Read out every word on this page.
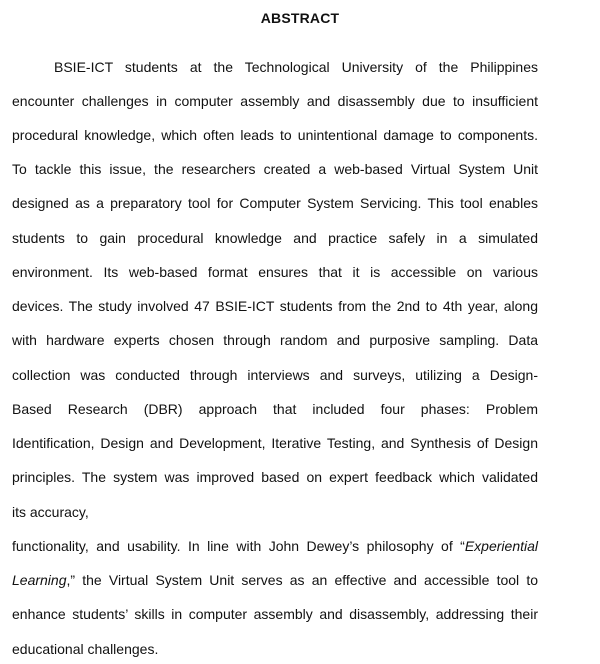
ABSTRACT
BSIE-ICT students at the Technological University of the Philippines
encounter challenges in computer assembly and disassembly due to insufficient
procedural knowledge, which often leads to unintentional damage to components.
To tackle this issue, the researchers created a web-based Virtual System Unit
designed as a preparatory tool for Computer System Servicing. This tool enables
students to gain procedural knowledge and practice safely in a simulated
environment. Its web-based format ensures that it is accessible on various
devices. The study involved 47 BSIE-ICT students from the 2nd to 4th year, along
with hardware experts chosen through random and purposive sampling. Data
collection was conducted through interviews and surveys, utilizing a Design-
Based Research (DBR) approach that included four phases: Problem
Identification, Design and Development, Iterative Testing, and Synthesis of Design
principles. The system was improved based on expert feedback which validated
its accuracy,
functionality, and usability. In line with John Dewey’s philosophy of “Experiential
Learning,” the Virtual System Unit serves as an effective and accessible tool to
enhance students’ skills in computer assembly and disassembly, addressing their
educational challenges.
